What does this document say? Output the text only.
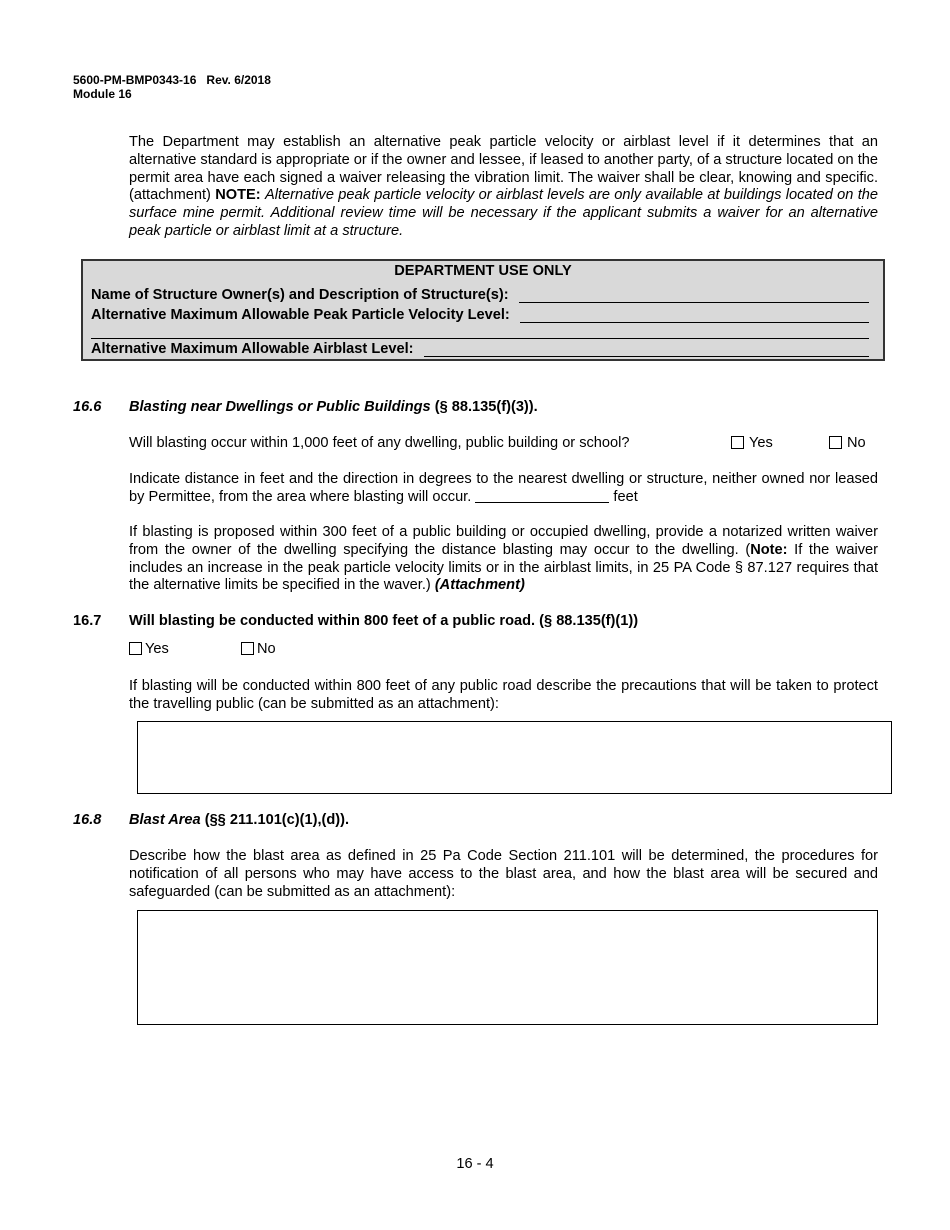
5600-PM-BMP0343-16 Rev. 6/2018
Module 16
The Department may establish an alternative peak particle velocity or airblast level if it determines that an alternative standard is appropriate or if the owner and lessee, if leased to another party, of a structure located on the permit area have each signed a waiver releasing the vibration limit. The waiver shall be clear, knowing and specific. (attachment) NOTE: Alternative peak particle velocity or airblast levels are only available at buildings located on the surface mine permit. Additional review time will be necessary if the applicant submits a waiver for an alternative peak particle or airblast limit at a structure.
DEPARTMENT USE ONLY
Name of Structure Owner(s) and Description of Structure(s):
Alternative Maximum Allowable Peak Particle Velocity Level:
Alternative Maximum Allowable Airblast Level:
16.6 Blasting near Dwellings or Public Buildings (§ 88.135(f)(3)).
Will blasting occur within 1,000 feet of any dwelling, public building or school?	Yes	No
Indicate distance in feet and the direction in degrees to the nearest dwelling or structure, neither owned nor leased by Permittee, from the area where blasting will occur.	feet
If blasting is proposed within 300 feet of a public building or occupied dwelling, provide a notarized written waiver from the owner of the dwelling specifying the distance blasting may occur to the dwelling. (Note: If the waiver includes an increase in the peak particle velocity limits or in the airblast limits, in 25 PA Code § 87.127 requires that the alternative limits be specified in the waver.) (Attachment)
16.7 Will blasting be conducted within 800 feet of a public road. (§ 88.135(f)(1))
Yes	No
If blasting will be conducted within 800 feet of any public road describe the precautions that will be taken to protect the travelling public (can be submitted as an attachment):
16.8 Blast Area (§§ 211.101(c)(1),(d)).
Describe how the blast area as defined in 25 Pa Code Section 211.101 will be determined, the procedures for notification of all persons who may have access to the blast area, and how the blast area will be secured and safeguarded (can be submitted as an attachment):
16 - 4
